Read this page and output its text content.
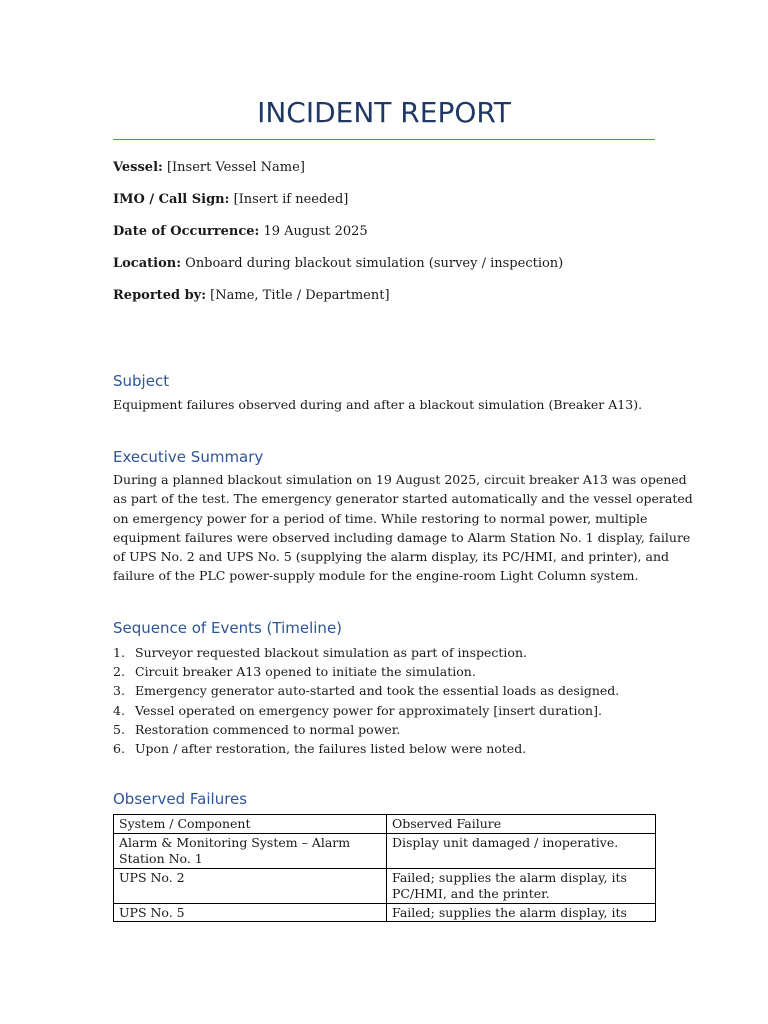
INCIDENT REPORT
Vessel: [Insert Vessel Name]
IMO / Call Sign: [Insert if needed]
Date of Occurrence: 19 August 2025
Location: Onboard during blackout simulation (survey / inspection)
Reported by: [Name, Title / Department]
Subject
Equipment failures observed during and after a blackout simulation (Breaker A13).
Executive Summary
During a planned blackout simulation on 19 August 2025, circuit breaker A13 was opened
as part of the test. The emergency generator started automatically and the vessel operated
on emergency power for a period of time. While restoring to normal power, multiple
equipment failures were observed including damage to Alarm Station No. 1 display, failure
of UPS No. 2 and UPS No. 5 (supplying the alarm display, its PC/HMI, and printer), and
failure of the PLC power-supply module for the engine-room Light Column system.
Sequence of Events (Timeline)
1. Surveyor requested blackout simulation as part of inspection.
2. Circuit breaker A13 opened to initiate the simulation.
3. Emergency generator auto-started and took the essential loads as designed.
4. Vessel operated on emergency power for approximately [insert duration].
5. Restoration commenced to normal power.
6. Upon / after restoration, the failures listed below were noted.
Observed Failures
System / Component	Observed Failure
Alarm & Monitoring System – Alarm Station No. 1	Display unit damaged / inoperative.
UPS No. 2	Failed; supplies the alarm display, its PC/HMI, and the printer.
UPS No. 5	Failed; supplies the alarm display, its
